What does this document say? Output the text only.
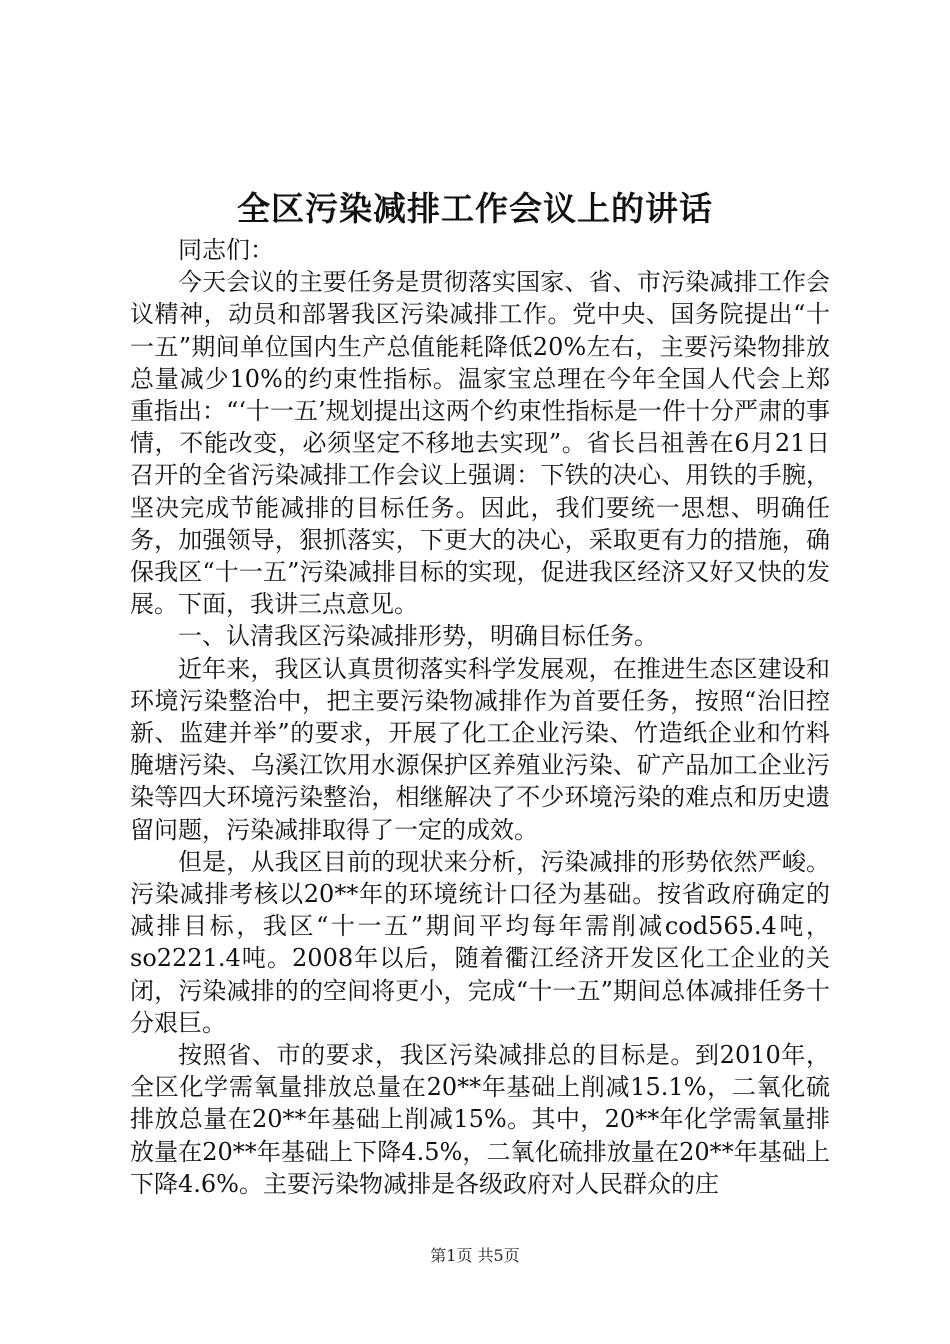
全区污染减排工作会议上的讲话

同志们：

今天会议的主要任务是贯彻落实国家、省、市污染减排工作会议精神，动员和部署我区污染减排工作。党中央、国务院提出“十一五”期间单位国内生产总值能耗降低20%左右，主要污染物排放总量减少10%的约束性指标。温家宝总理在今年全国人代会上郑重指出：“‘十一五’规划提出这两个约束性指标是一件十分严肃的事情，不能改变，必须坚定不移地去实现”。省长吕祖善在6月21日召开的全省污染减排工作会议上强调：下铁的决心、用铁的手腕，坚决完成节能减排的目标任务。因此，我们要统一思想、明确任务，加强领导，狠抓落实，下更大的决心，采取更有力的措施，确保我区“十一五”污染减排目标的实现，促进我区经济又好又快的发展。下面，我讲三点意见。

一、认清我区污染减排形势，明确目标任务。

近年来，我区认真贯彻落实科学发展观，在推进生态区建设和环境污染整治中，把主要污染物减排作为首要任务，按照“治旧控新、监建并举”的要求，开展了化工企业污染、竹造纸企业和竹料腌塘污染、乌溪江饮用水源保护区养殖业污染、矿产品加工企业污染等四大环境污染整治，相继解决了不少环境污染的难点和历史遗留问题，污染减排取得了一定的成效。

但是，从我区目前的现状来分析，污染减排的形势依然严峻。污染减排考核以20**年的环境统计口径为基础。按省政府确定的减排目标，我区“十一五”期间平均每年需削减cod565.4吨，so2221.4吨。2008年以后，随着衢江经济开发区化工企业的关闭，污染减排的的空间将更小，完成“十一五”期间总体减排任务十分艰巨。

按照省、市的要求，我区污染减排总的目标是。到2010年，全区化学需氧量排放总量在20**年基础上削减15.1%，二氧化硫排放总量在20**年基础上削减15%。其中，20**年化学需氧量排放量在20**年基础上下降4.5%，二氧化硫排放量在20**年基础上下降4.6%。主要污染物减排是各级政府对人民群众的庄

第1页 共5页
